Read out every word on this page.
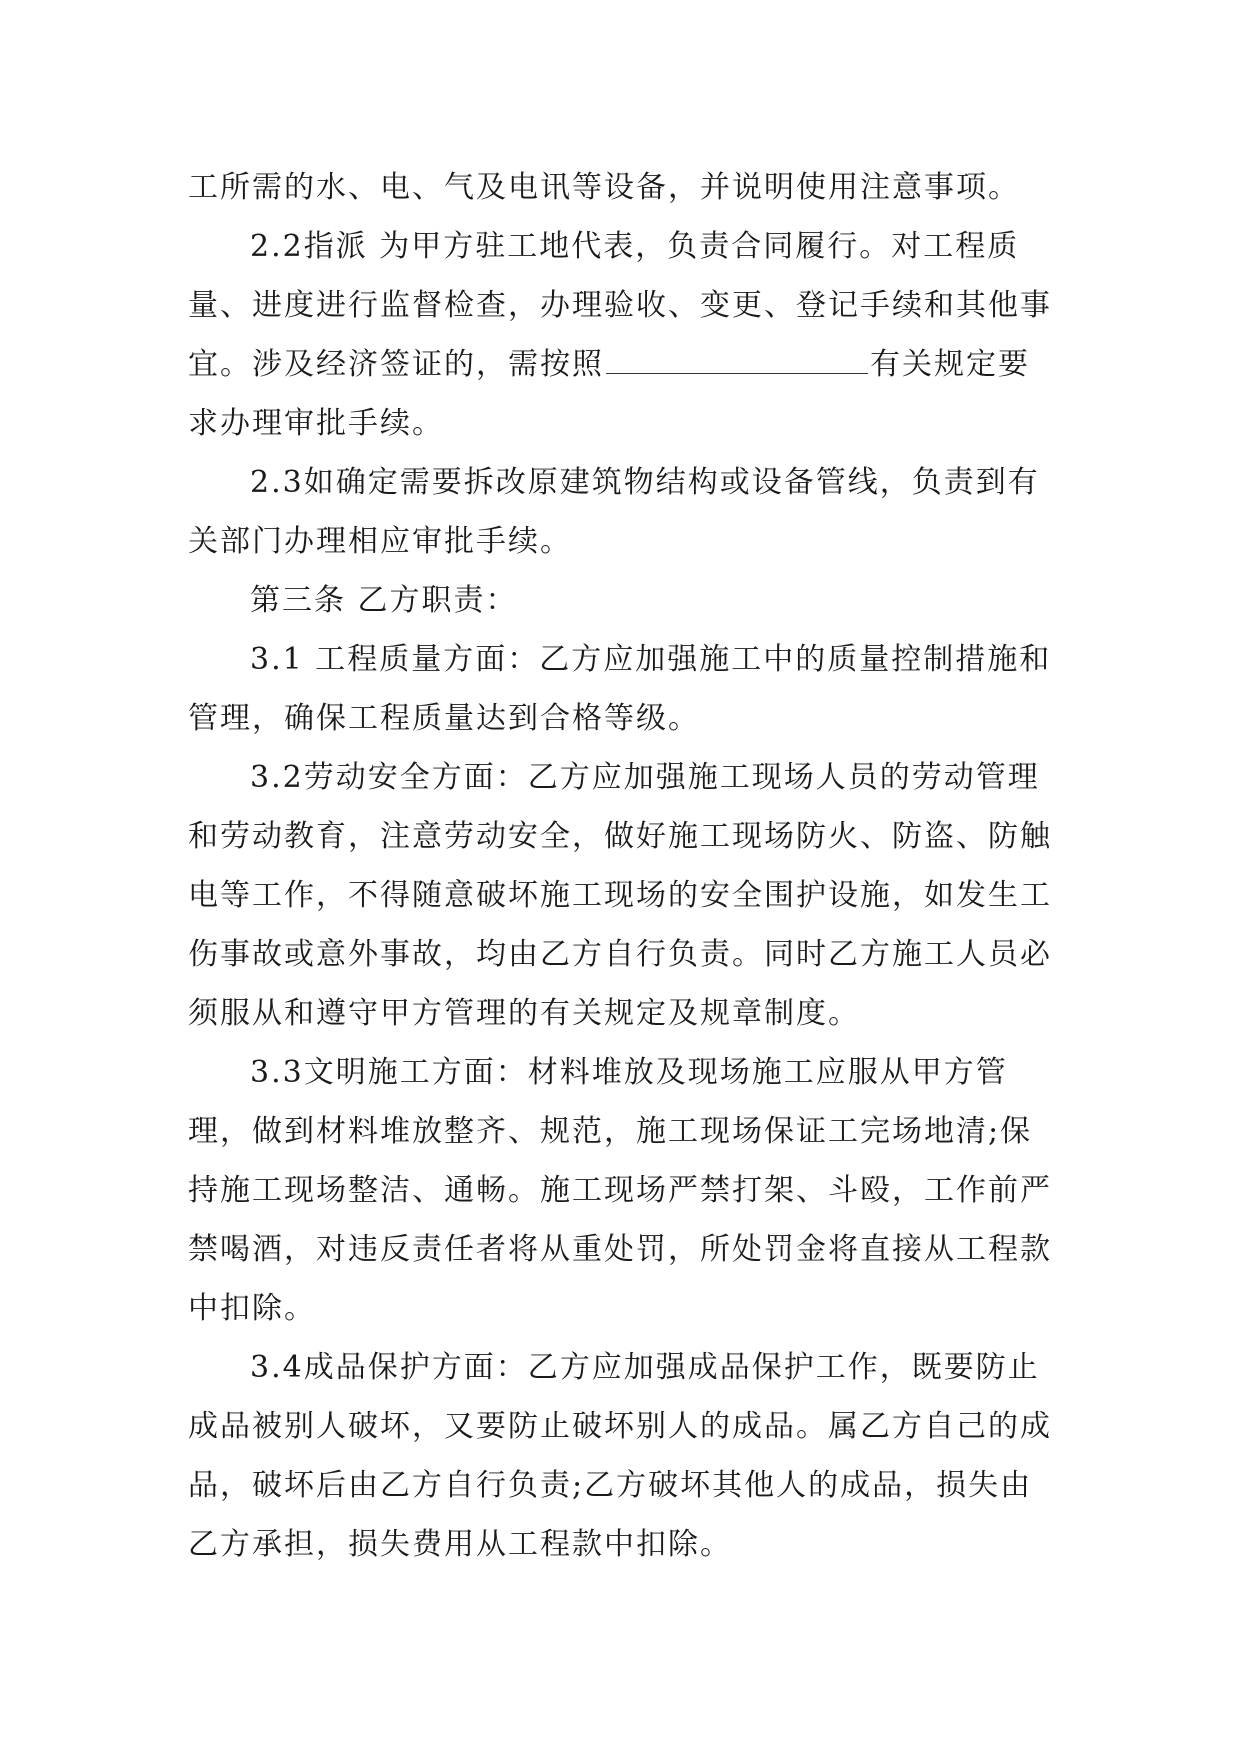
工所需的水、电、气及电讯等设备，并说明使用注意事项。

2.2指派 为甲方驻工地代表，负责合同履行。对工程质量、进度进行监督检查，办理验收、变更、登记手续和其他事宜。涉及经济签证的，需按照	有关规定要求办理审批手续。

2.3如确定需要拆改原建筑物结构或设备管线，负责到有关部门办理相应审批手续。

第三条 乙方职责：

3.1 工程质量方面：乙方应加强施工中的质量控制措施和管理，确保工程质量达到合格等级。

3.2劳动安全方面：乙方应加强施工现场人员的劳动管理和劳动教育，注意劳动安全，做好施工现场防火、防盗、防触电等工作，不得随意破坏施工现场的安全围护设施，如发生工伤事故或意外事故，均由乙方自行负责。同时乙方施工人员必须服从和遵守甲方管理的有关规定及规章制度。

3.3文明施工方面：材料堆放及现场施工应服从甲方管理，做到材料堆放整齐、规范，施工现场保证工完场地清;保持施工现场整洁、通畅。施工现场严禁打架、斗殴，工作前严禁喝酒，对违反责任者将从重处罚，所处罚金将直接从工程款中扣除。

3.4成品保护方面：乙方应加强成品保护工作，既要防止成品被别人破坏，又要防止破坏别人的成品。属乙方自己的成品，破坏后由乙方自行负责;乙方破坏其他人的成品，损失由乙方承担，损失费用从工程款中扣除。
